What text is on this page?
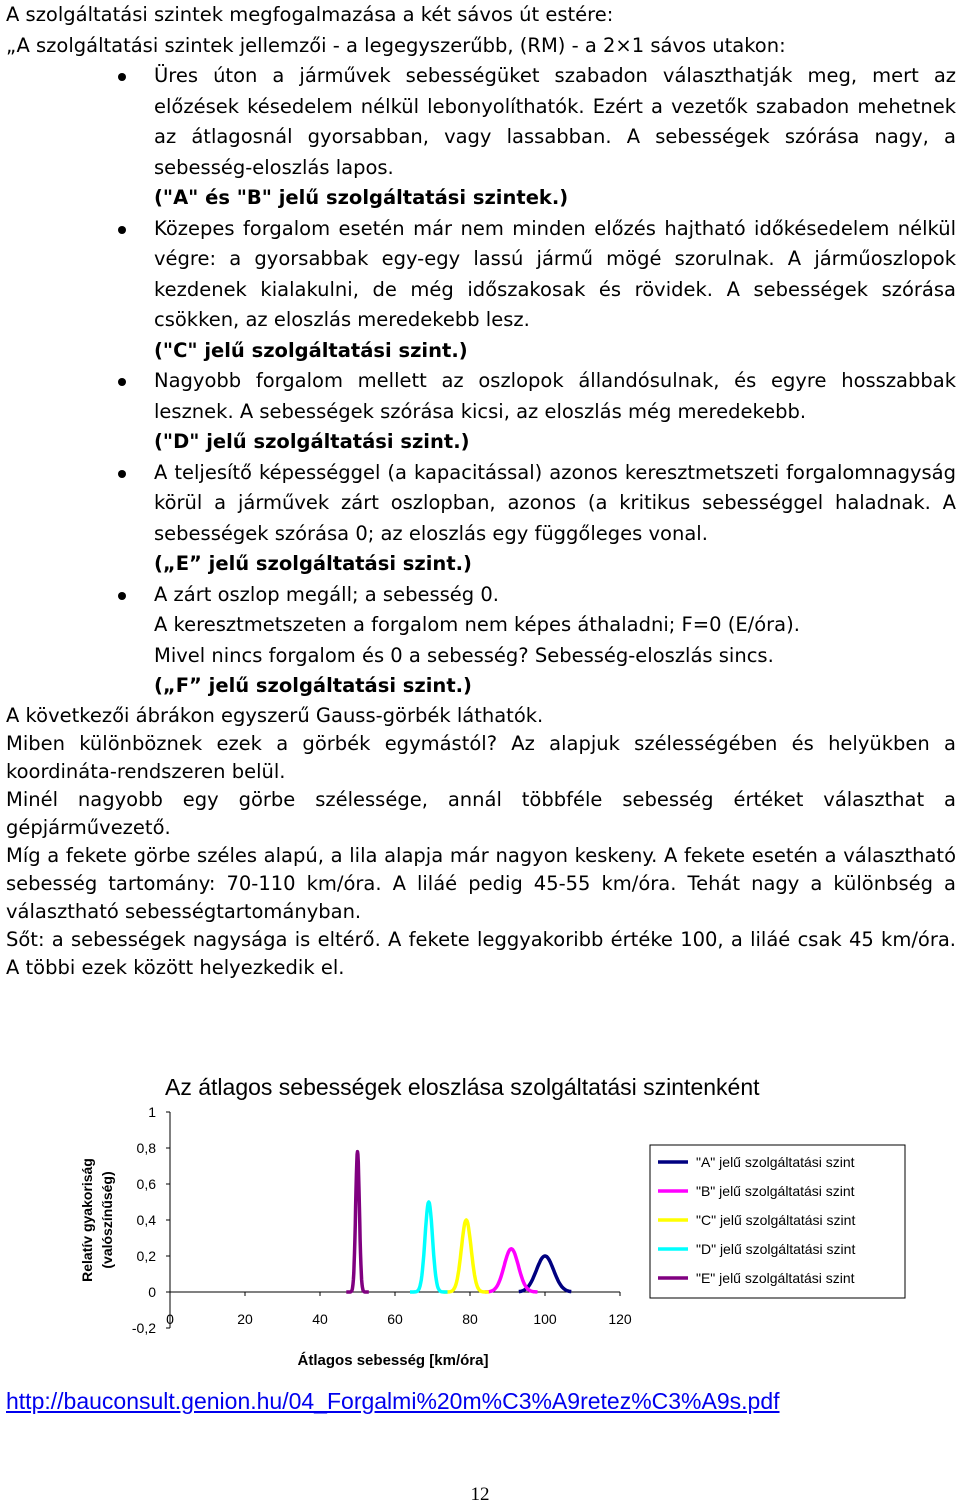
A szolgáltatási szintek megfogalmazása a két sávos út estére:

„A szolgáltatási szintek jellemzői - a legegyszerűbb, (RM) - a 2×1 sávos utakon:

Üres úton a járművek sebességüket szabadon választhatják meg, mert az előzések késedelem nélkül lebonyolíthatók. Ezért a vezetők szabadon mehetnek az átlagosnál gyorsabban, vagy lassabban. A sebességek szórása nagy, a sebesség-eloszlás lapos.
("A" és "B" jelű szolgáltatási szintek.)
Közepes forgalom esetén már nem minden előzés hajtható időkésedelem nélkül végre: a gyorsabbak egy-egy lassú jármű mögé szorulnak. A járműoszlopok kezdenek kialakulni, de még időszakosak és rövidek. A sebességek szórása csökken, az eloszlás meredekebb lesz.
("C" jelű szolgáltatási szint.)
Nagyobb forgalom mellett az oszlopok állandósulnak, és egyre hosszabbak lesznek. A sebességek szórása kicsi, az eloszlás még meredekebb.
("D" jelű szolgáltatási szint.)
A teljesítő képességgel (a kapacitással) azonos keresztmetszeti forgalomnagyság körül a járművek zárt oszlopban, azonos (a kritikus sebességgel haladnak. A sebességek szórása 0; az eloszlás egy függőleges vonal.
(„E” jelű szolgáltatási szint.)
A zárt oszlop megáll; a sebesség 0.
A keresztmetszeten a forgalom nem képes áthaladni; F=0 (E/óra).
Mivel nincs forgalom és 0 a sebesség? Sebesség-eloszlás sincs.
(„F” jelű szolgáltatási szint.)

A következői ábrákon egyszerű Gauss-görbék láthatók.

Miben különböznek ezek a görbék egymástól? Az alapjuk szélességében és helyükben a koordináta-rendszeren belül.

Minél nagyobb egy görbe szélessége, annál többféle sebesség értéket választhat a gépjárművezető.

Míg a fekete görbe széles alapú, a lila alapja már nagyon keskeny. A fekete esetén a választható sebesség tartomány: 70-110 km/óra. A liláé pedig 45-55 km/óra. Tehát nagy a különbség a választható sebességtartományban.

Sőt: a sebességek nagysága is eltérő. A fekete leggyakoribb értéke 100, a liláé csak 45 km/óra. A többi ezek között helyezkedik el.

Az átlagos sebességek eloszlása szolgáltatási szintenként
1
0,8
0,6
0,4
0,2
0
-0,2
0	20	40	60	80	100	120
Relatív gyakoriság (valószínűség)
Átlagos sebesség [km/óra]
"A" jelű szolgáltatási szint
"B" jelű szolgáltatási szint
"C" jelű szolgáltatási szint
"D" jelű szolgáltatási szint
"E" jelű szolgáltatási szint
http://bauconsult.genion.hu/04_Forgalmi%20m%C3%A9retez%C3%A9s.pdf
12
